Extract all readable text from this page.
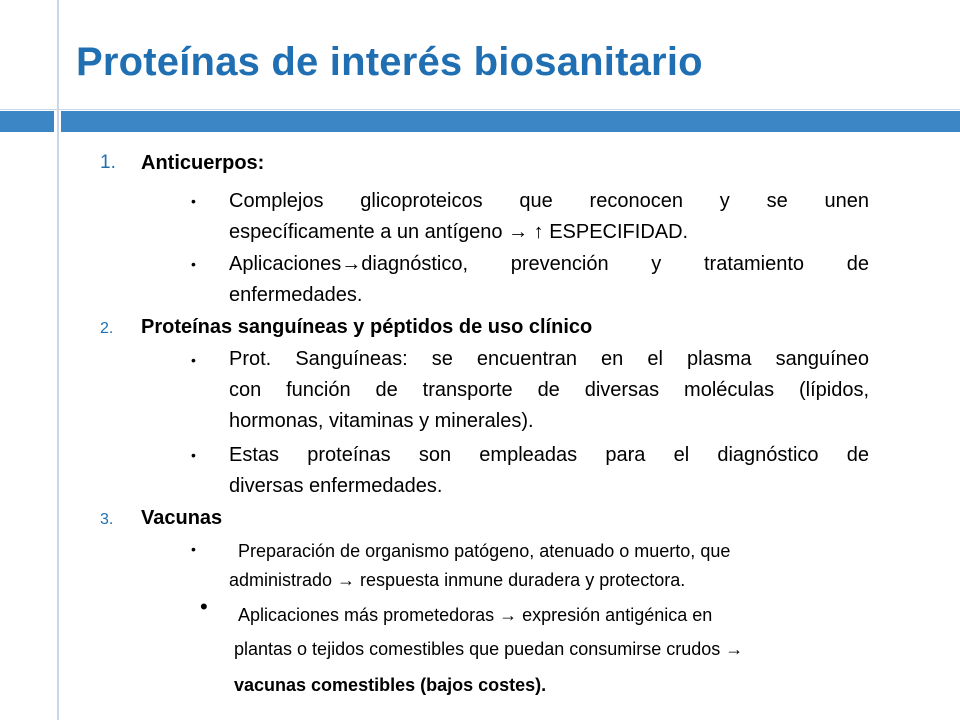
Proteínas de interés biosanitario
1. Anticuerpos:
• Complejos glicoproteicos que reconocen y se unen
específicamente a un antígeno → ↑ ESPECIFIDAD.
• Aplicaciones→diagnóstico, prevención y tratamiento de
enfermedades.
2. Proteínas sanguíneas y péptidos de uso clínico
• Prot. Sanguíneas: se encuentran en el plasma sanguíneo
con función de transporte de diversas moléculas (lípidos,
hormonas, vitaminas y minerales).
• Estas proteínas son empleadas para el diagnóstico de
diversas enfermedades.
3. Vacunas
• Preparación de organismo patógeno, atenuado o muerto, que
administrado → respuesta inmune duradera y protectora.
• Aplicaciones más prometedoras → expresión antigénica en
plantas o tejidos comestibles que puedan consumirse crudos →
vacunas comestibles (bajos costes).
